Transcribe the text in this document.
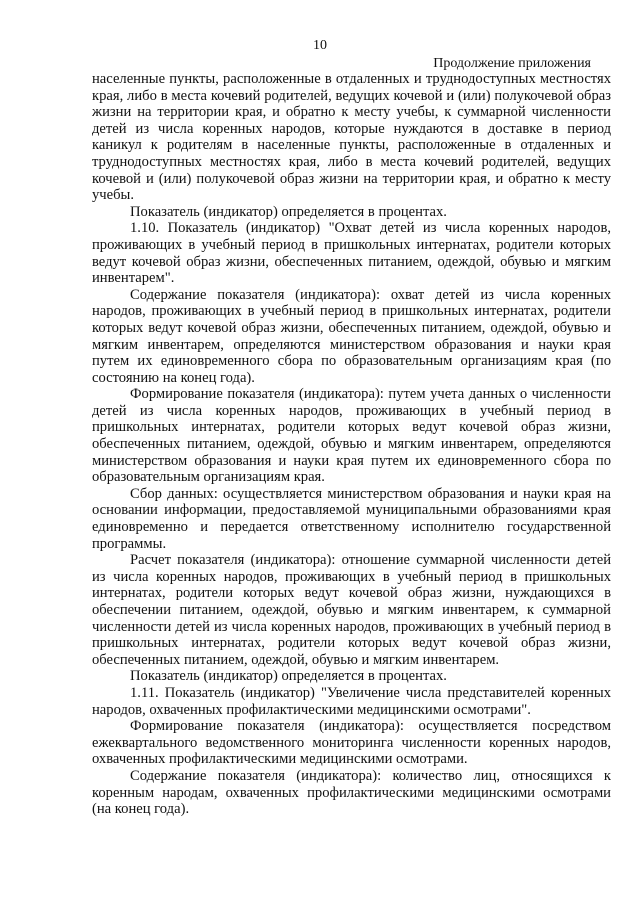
10
Продолжение приложения

населенные пункты, расположенные в отдаленных и труднодоступных местностях края, либо в места кочевий родителей, ведущих кочевой и (или) полукочевой образ жизни на территории края, и обратно к месту учебы, к суммарной численности детей из числа коренных народов, которые нуждаются в доставке в период каникул к родителям в населенные пункты, расположенные в отдаленных и труднодоступных местностях края, либо в места кочевий родителей, ведущих кочевой и (или) полукочевой образ жизни на территории края, и обратно к месту учебы.

Показатель (индикатор) определяется в процентах.

1.10. Показатель (индикатор) "Охват детей из числа коренных народов, проживающих в учебный период в пришкольных интернатах, родители которых ведут кочевой образ жизни, обеспеченных питанием, одеждой, обувью и мягким инвентарем".

Содержание показателя (индикатора): охват детей из числа коренных народов, проживающих в учебный период в пришкольных интернатах, родители которых ведут кочевой образ жизни, обеспеченных питанием, одеждой, обувью и мягким инвентарем, определяются министерством образования и науки края путем их единовременного сбора по образовательным организациям края (по состоянию на конец года).

Формирование показателя (индикатора): путем учета данных о численности детей из числа коренных народов, проживающих в учебный период в пришкольных интернатах, родители которых ведут кочевой образ жизни, обеспеченных питанием, одеждой, обувью и мягким инвентарем, определяются министерством образования и науки края путем их единовременного сбора по образовательным организациям края.

Сбор данных: осуществляется министерством образования и науки края на основании информации, предоставляемой муниципальными образованиями края единовременно и передается ответственному исполнителю государственной программы.

Расчет показателя (индикатора): отношение суммарной численности детей из числа коренных народов, проживающих в учебный период в пришкольных интернатах, родители которых ведут кочевой образ жизни, нуждающихся в обеспечении питанием, одеждой, обувью и мягким инвентарем, к суммарной численности детей из числа коренных народов, проживающих в учебный период в пришкольных интернатах, родители которых ведут кочевой образ жизни, обеспеченных питанием, одеждой, обувью и мягким инвентарем.

Показатель (индикатор) определяется в процентах.

1.11. Показатель (индикатор) "Увеличение числа представителей коренных народов, охваченных профилактическими медицинскими осмотрами".

Формирование показателя (индикатора): осуществляется посредством ежеквартального ведомственного мониторинга численности коренных народов, охваченных профилактическими медицинскими осмотрами.

Содержание показателя (индикатора): количество лиц, относящихся к коренным народам, охваченных профилактическими медицинскими осмотрами (на конец года).
